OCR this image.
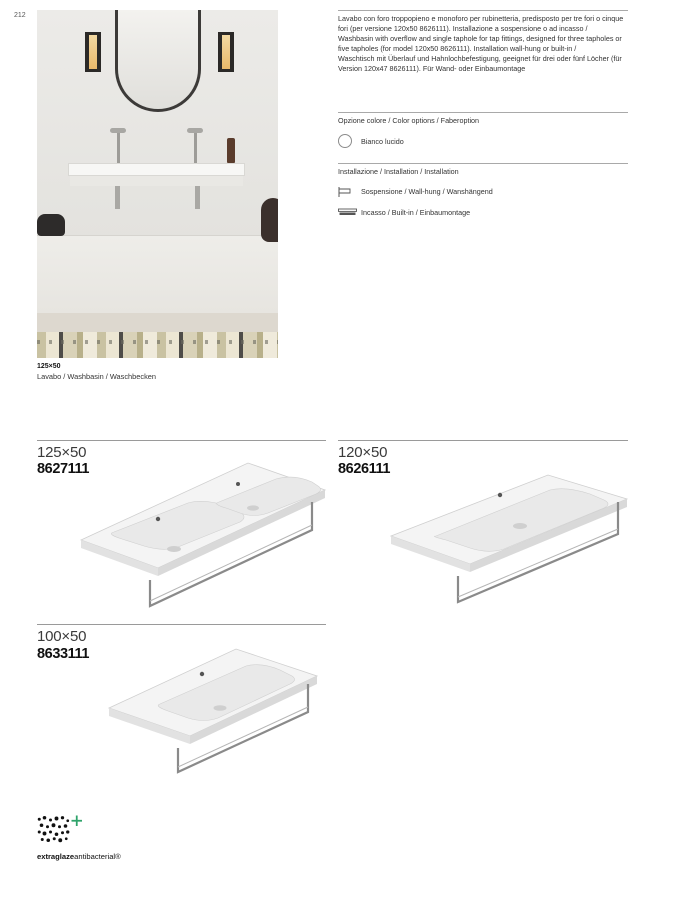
212
125×50
Lavabo / Washbasin / Waschbecken

Lavabo con foro troppopieno e monoforo per rubinetteria, predisposto per tre fori o cinque fori (per versione 120x50 8626111). Installazione a sospensione o ad incasso /

Washbasin with overflow and single taphole for tap fittings, designed for three tapholes or five tapholes (for model 120x50 8626111). Installation wall-hung or built-in /

Waschtisch mit Überlauf und Hahnlochbefestigung, geeignet für drei oder fünf Löcher (für Version 120x47 8626111). Für Wand- oder Einbaumontage

Opzione colore / Color options / Faberoption
Bianco lucido
Installazione / Installation / Installation
Sospensione / Wall-hung / Wanshängend
Incasso / Built-in / Einbaumontage
125×50
8627111
120×50
8626111
100×50
8633111
extraglazeantibacterial®
